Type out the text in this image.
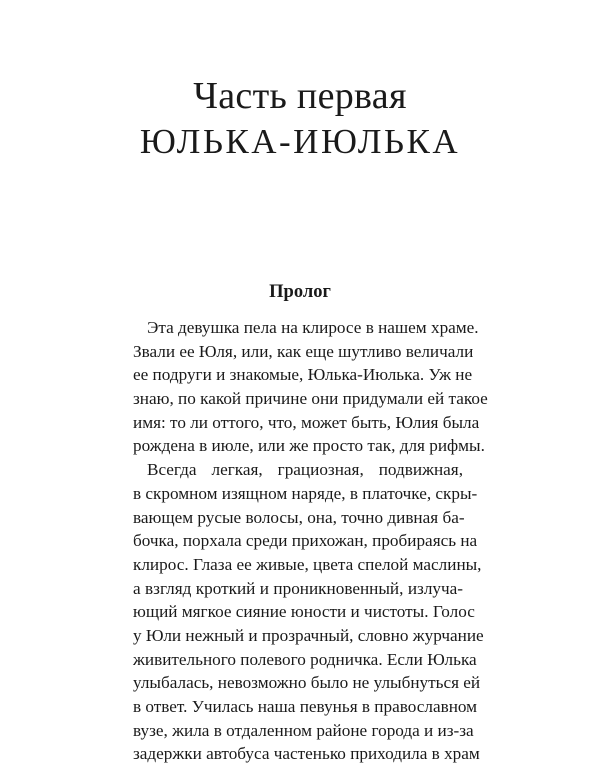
Часть первая
ЮЛЬКА-ИЮЛЬКА
Пролог
Эта девушка пела на клиросе в нашем храме.
Звали ее Юля, или, как еще шутливо величали
ее подруги и знакомые, Юлька-Июлька. Уж не
знаю, по какой причине они придумали ей такое
имя: то ли оттого, что, может быть, Юлия была
рождена в июле, или же просто так, для рифмы.
Всегда легкая, грациозная, подвижная,
в скромном изящном наряде, в платочке, скры-
вающем русые волосы, она, точно дивная ба-
бочка, порхала среди прихожан, пробираясь на
клирос. Глаза ее живые, цвета спелой маслины,
а взгляд кроткий и проникновенный, излуча-
ющий мягкое сияние юности и чистоты. Голос
у Юли нежный и прозрачный, словно журчание
живительного полевого родничка. Если Юлька
улыбалась, невозможно было не улыбнуться ей
в ответ. Училась наша певунья в православном
вузе, жила в отдаленном районе города и из-за
задержки автобуса частенько приходила в храм
